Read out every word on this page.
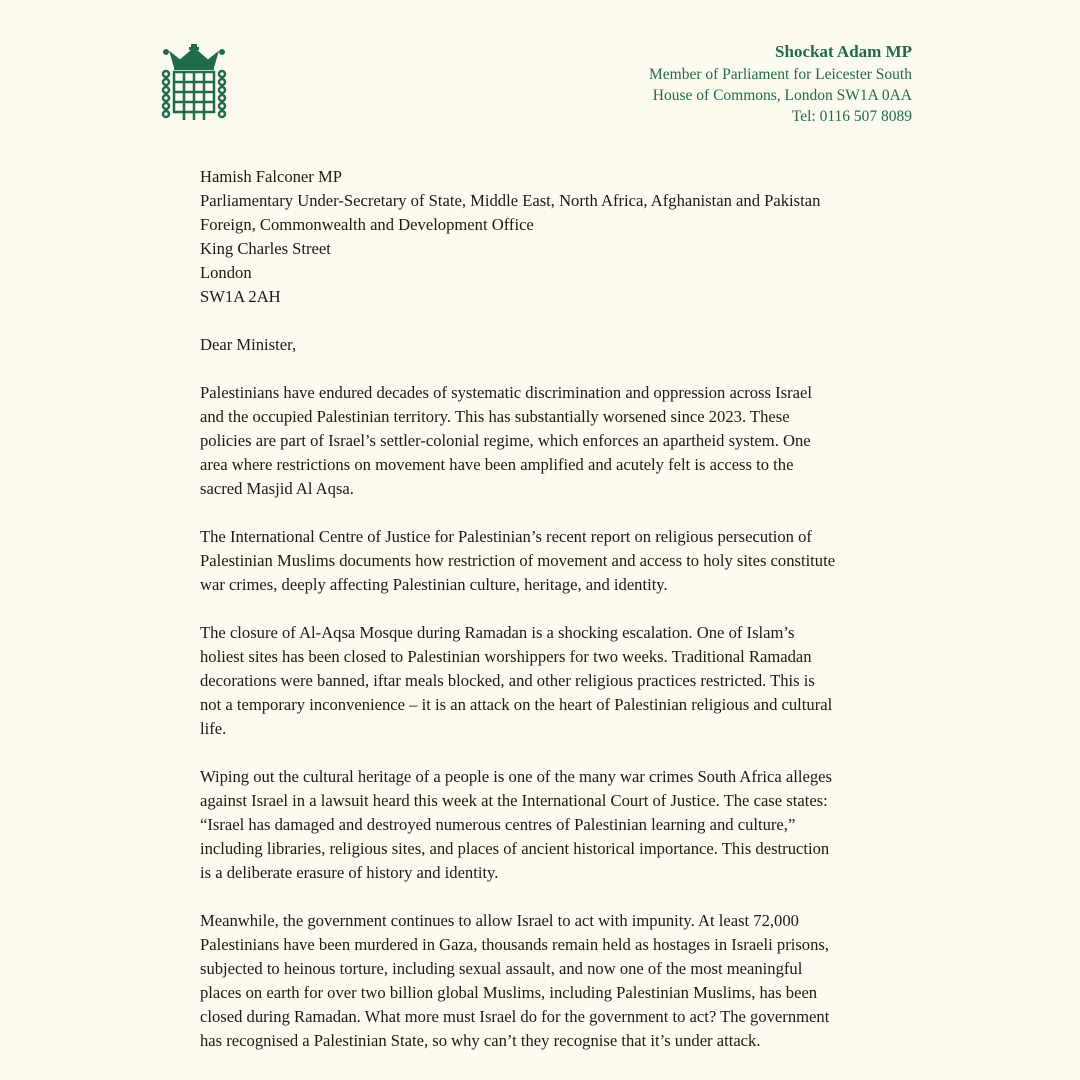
Shockat Adam MP
Member of Parliament for Leicester South
House of Commons, London SW1A 0AA
Tel: 0116 507 8089
Hamish Falconer MP
Parliamentary Under-Secretary of State, Middle East, North Africa, Afghanistan and Pakistan
Foreign, Commonwealth and Development Office
King Charles Street
London
SW1A 2AH
Dear Minister,
Palestinians have endured decades of systematic discrimination and oppression across Israel
and the occupied Palestinian territory. This has substantially worsened since 2023. These
policies are part of Israel’s settler-colonial regime, which enforces an apartheid system. One
area where restrictions on movement have been amplified and acutely felt is access to the
sacred Masjid Al Aqsa.
The International Centre of Justice for Palestinian’s recent report on religious persecution of
Palestinian Muslims documents how restriction of movement and access to holy sites constitute
war crimes, deeply affecting Palestinian culture, heritage, and identity.
The closure of Al-Aqsa Mosque during Ramadan is a shocking escalation. One of Islam’s
holiest sites has been closed to Palestinian worshippers for two weeks. Traditional Ramadan
decorations were banned, iftar meals blocked, and other religious practices restricted. This is
not a temporary inconvenience – it is an attack on the heart of Palestinian religious and cultural
life.
Wiping out the cultural heritage of a people is one of the many war crimes South Africa alleges
against Israel in a lawsuit heard this week at the International Court of Justice. The case states:
“Israel has damaged and destroyed numerous centres of Palestinian learning and culture,”
including libraries, religious sites, and places of ancient historical importance. This destruction
is a deliberate erasure of history and identity.
Meanwhile, the government continues to allow Israel to act with impunity. At least 72,000
Palestinians have been murdered in Gaza, thousands remain held as hostages in Israeli prisons,
subjected to heinous torture, including sexual assault, and now one of the most meaningful
places on earth for over two billion global Muslims, including Palestinian Muslims, has been
closed during Ramadan. What more must Israel do for the government to act? The government
has recognised a Palestinian State, so why can’t they recognise that it’s under attack.
